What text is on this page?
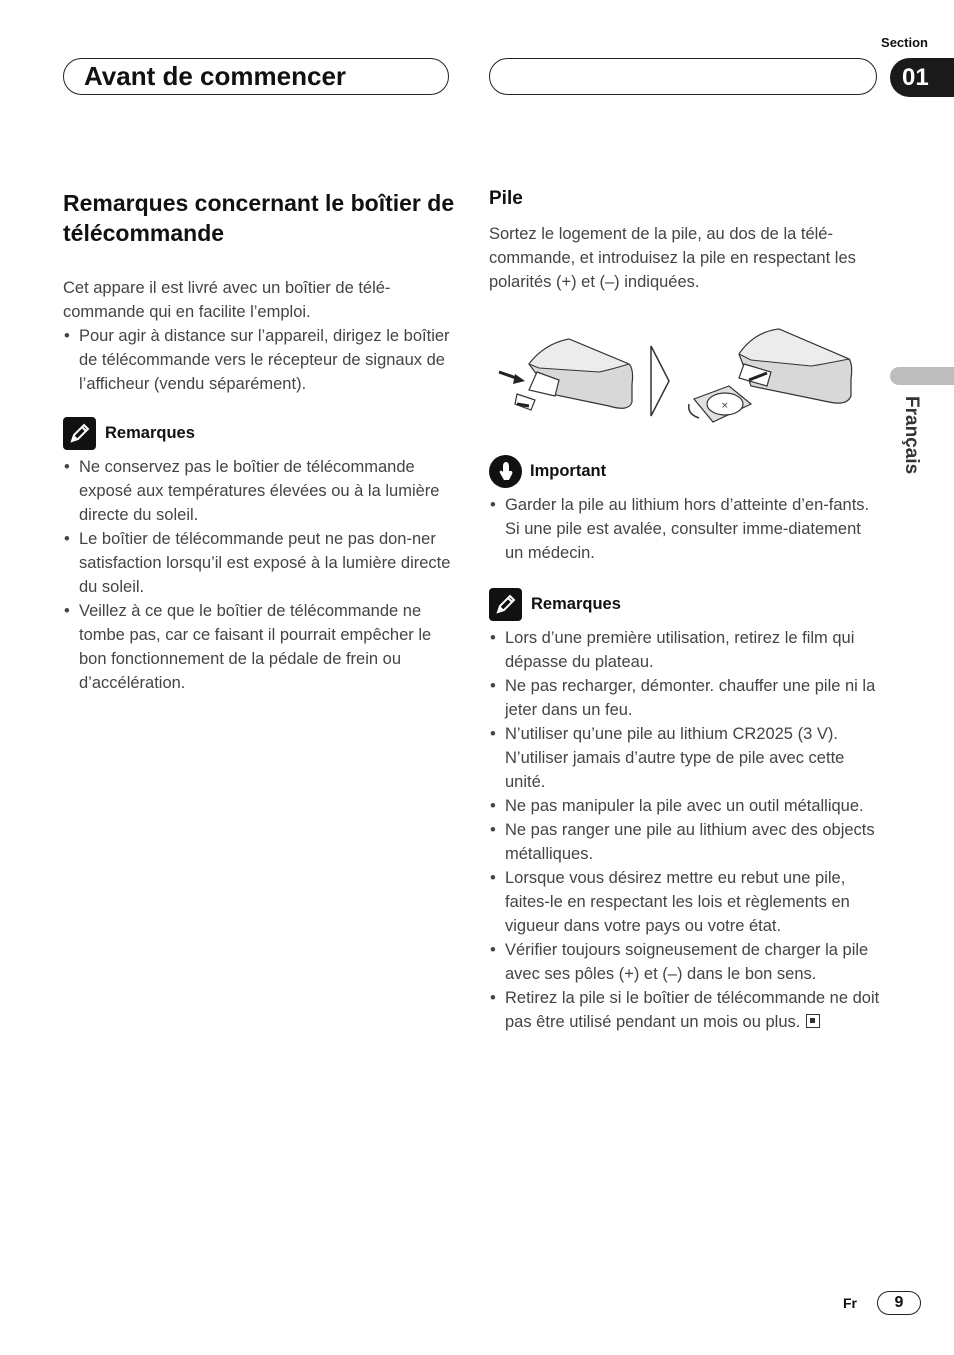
Section
Avant de commencer	01
Français
Remarques concernant le boîtier de télécommande

Cet appare il est livré avec un boîtier de télé-commande qui en facilite l’emploi.

• Pour agir à distance sur l’appareil, dirigez le boîtier de télécommande vers le récepteur de signaux de l’afficheur (vendu séparément).
Remarques
• Ne conservez pas le boîtier de télécommande exposé aux températures élevées ou à la lumière directe du soleil.
• Le boîtier de télécommande peut ne pas don-ner satisfaction lorsqu’il est exposé à la lumière directe du soleil.
• Veillez à ce que le boîtier de télécommande ne tombe pas, car ce faisant il pourrait empêcher le bon fonctionnement de la pédale de frein ou d’accélération.
Pile

Sortez le logement de la pile, au dos de la télé-commande, et introduisez la pile en respectant les polarités (+) et (–) indiquées.

×
Important
• Garder la pile au lithium hors d’atteinte d’en-fants. Si une pile est avalée, consulter imme-diatement un médecin.
Remarques
• Lors d’une première utilisation, retirez le film qui dépasse du plateau.
• Ne pas recharger, démonter. chauffer une pile ni la jeter dans un feu.
• N’utiliser qu’une pile au lithium CR2025 (3 V). N’utiliser jamais d’autre type de pile avec cette unité.
• Ne pas manipuler la pile avec un outil métallique.
• Ne pas ranger une pile au lithium avec des objects métalliques.
• Lorsque vous désirez mettre eu rebut une pile, faites-le en respectant les lois et règlements en vigueur dans votre pays ou votre état.
• Vérifier toujours soigneusement de charger la pile avec ses pôles (+) et (–) dans le bon sens.
• Retirez la pile si le boîtier de télécommande ne doit pas être utilisé pendant un mois ou plus.
Fr	9
